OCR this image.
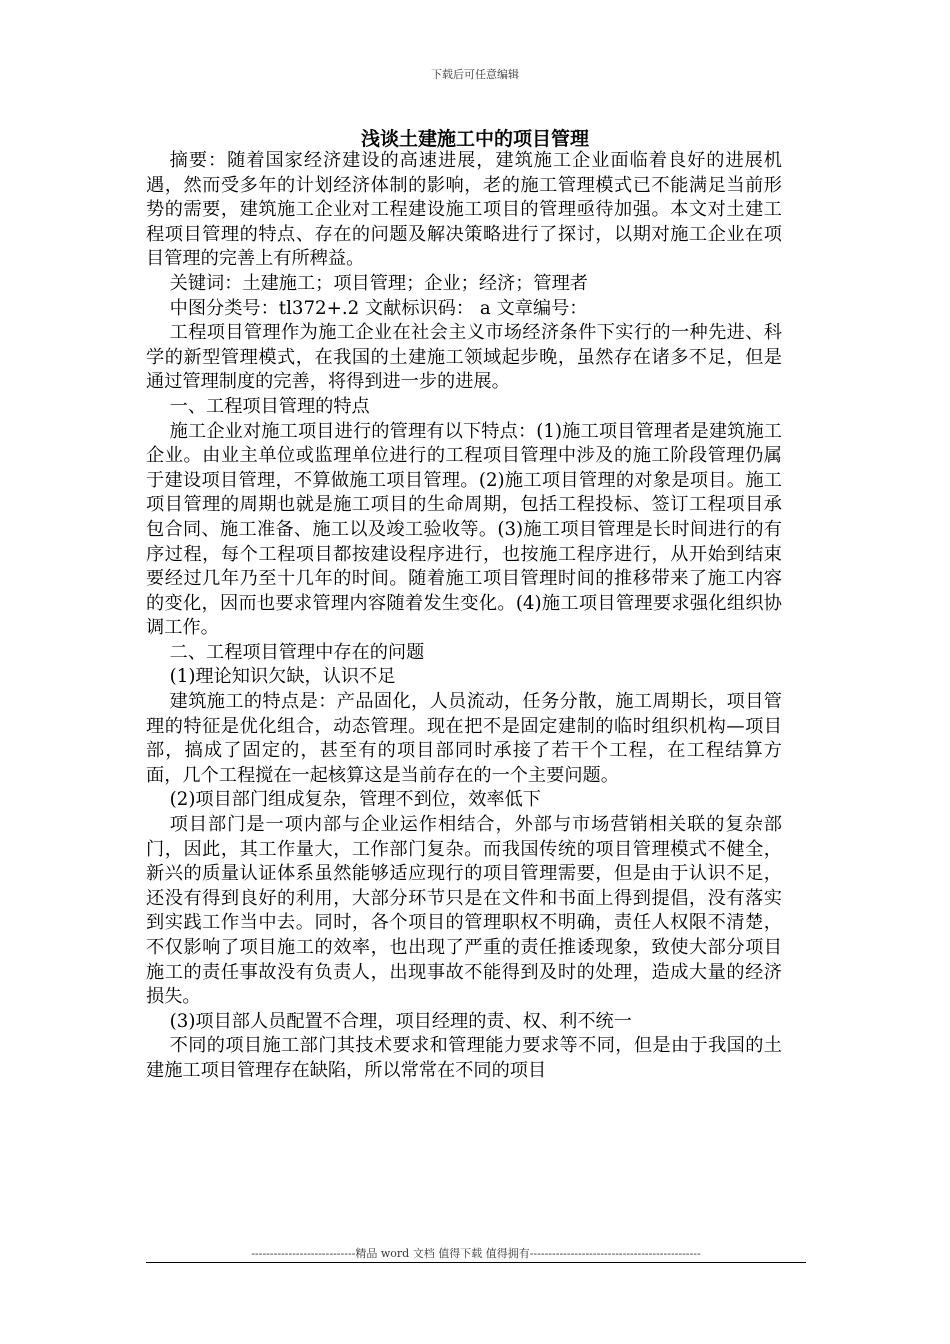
下载后可任意编辑
浅谈土建施工中的项目管理

摘要：随着国家经济建设的高速进展，建筑施工企业面临着良好的进展机遇，然而受多年的计划经济体制的影响，老的施工管理模式已不能满足当前形势的需要，建筑施工企业对工程建设施工项目的管理亟待加强。本文对土建工程项目管理的特点、存在的问题及解决策略进行了探讨，以期对施工企业在项目管理的完善上有所稗益。

关键词：土建施工；项目管理；企业；经济；管理者

中图分类号：tl372+.2 文献标识码： a 文章编号：

工程项目管理作为施工企业在社会主义市场经济条件下实行的一种先进、科学的新型管理模式，在我国的土建施工领域起步晚，虽然存在诸多不足，但是通过管理制度的完善，将得到进一步的进展。

一、工程项目管理的特点

施工企业对施工项目进行的管理有以下特点：(1)施工项目管理者是建筑施工企业。由业主单位或监理单位进行的工程项目管理中涉及的施工阶段管理仍属于建设项目管理，不算做施工项目管理。(2)施工项目管理的对象是项目。施工项目管理的周期也就是施工项目的生命周期，包括工程投标、签订工程项目承包合同、施工准备、施工以及竣工验收等。(3)施工项目管理是长时间进行的有序过程，每个工程项目都按建设程序进行，也按施工程序进行，从开始到结束要经过几年乃至十几年的时间。随着施工项目管理时间的推移带来了施工内容的变化，因而也要求管理内容随着发生变化。(4)施工项目管理要求强化组织协调工作。

二、工程项目管理中存在的问题

(1)理论知识欠缺，认识不足

建筑施工的特点是：产品固化，人员流动，任务分散，施工周期长，项目管理的特征是优化组合，动态管理。现在把不是固定建制的临时组织机构—项目部，搞成了固定的，甚至有的项目部同时承接了若干个工程，在工程结算方面，几个工程搅在一起核算这是当前存在的一个主要问题。

(2)项目部门组成复杂，管理不到位，效率低下

项目部门是一项内部与企业运作相结合，外部与市场营销相关联的复杂部门，因此，其工作量大，工作部门复杂。而我国传统的项目管理模式不健全，新兴的质量认证体系虽然能够适应现行的项目管理需要，但是由于认识不足，还没有得到良好的利用，大部分环节只是在文件和书面上得到提倡，没有落实到实践工作当中去。同时，各个项目的管理职权不明确，责任人权限不清楚，不仅影响了项目施工的效率，也出现了严重的责任推诿现象，致使大部分项目施工的责任事故没有负责人，出现事故不能得到及时的处理，造成大量的经济损失。

(3)项目部人员配置不合理，项目经理的责、权、利不统一

不同的项目施工部门其技术要求和管理能力要求等不同，但是由于我国的土建施工项目管理存在缺陷，所以常常在不同的项目

----------------------------精品 word 文档 值得下载 值得拥有----------------------------------------------
